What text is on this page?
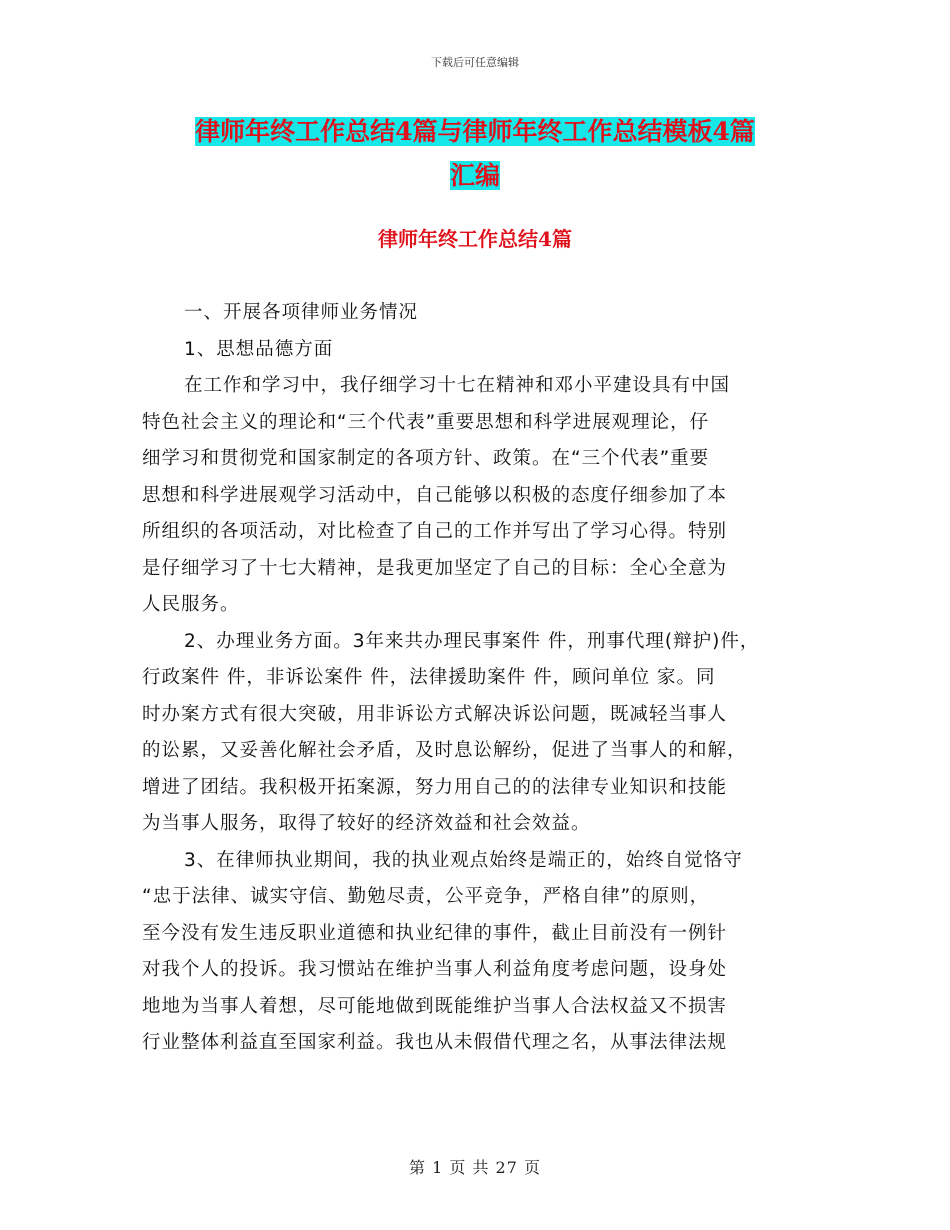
下载后可任意编辑
律师年终工作总结4篇与律师年终工作总结模板4篇
汇编
律师年终工作总结4篇
一、开展各项律师业务情况
1、思想品德方面
在工作和学习中，我仔细学习十七在精神和邓小平建设具有中国
特色社会主义的理论和“三个代表”重要思想和科学进展观理论，仔
细学习和贯彻党和国家制定的各项方针、政策。在“三个代表”重要
思想和科学进展观学习活动中，自己能够以积极的态度仔细参加了本
所组织的各项活动，对比检查了自己的工作并写出了学习心得。特别
是仔细学习了十七大精神，是我更加坚定了自己的目标：全心全意为
人民服务。
2、办理业务方面。3年来共办理民事案件 件，刑事代理(辩护)件，
行政案件 件，非诉讼案件 件，法律援助案件 件，顾问单位 家。同
时办案方式有很大突破，用非诉讼方式解决诉讼问题，既减轻当事人
的讼累，又妥善化解社会矛盾，及时息讼解纷，促进了当事人的和解，
增进了团结。我积极开拓案源，努力用自己的的法律专业知识和技能
为当事人服务，取得了较好的经济效益和社会效益。
3、在律师执业期间，我的执业观点始终是端正的，始终自觉恪守
“忠于法律、诚实守信、勤勉尽责，公平竞争，严格自律”的原则，
至今没有发生违反职业道德和执业纪律的事件，截止目前没有一例针
对我个人的投诉。我习惯站在维护当事人利益角度考虑问题，设身处
地地为当事人着想，尽可能地做到既能维护当事人合法权益又不损害
行业整体利益直至国家利益。我也从未假借代理之名，从事法律法规
第 1 页 共 27 页
